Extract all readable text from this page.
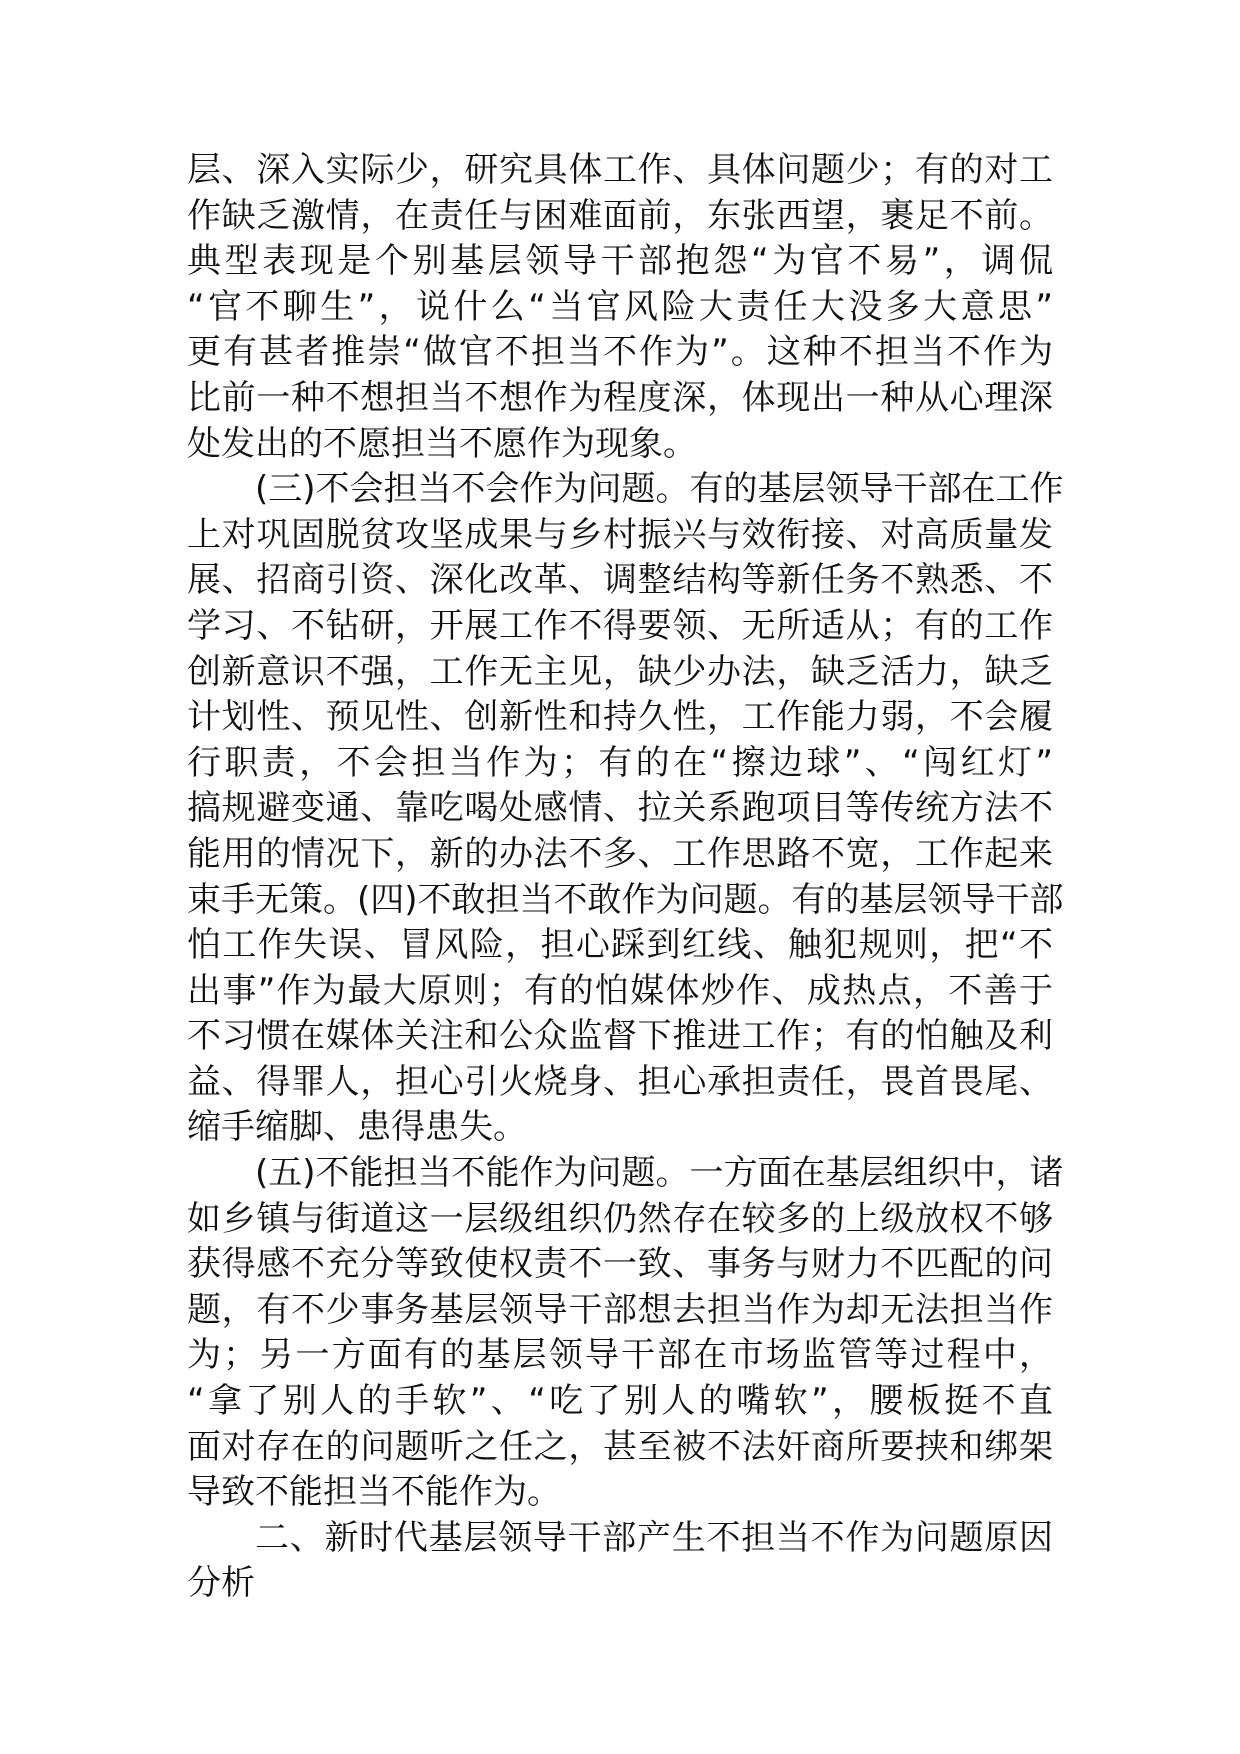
层、深入实际少，研究具体工作、具体问题少；有的对工
作缺乏激情，在责任与困难面前，东张西望，裹足不前。
典型表现是个别基层领导干部抱怨“为官不易”，调侃
“官不聊生”，说什么“当官风险大责任大没多大意思”
更有甚者推崇“做官不担当不作为”。这种不担当不作为
比前一种不想担当不想作为程度深，体现出一种从心理深
处发出的不愿担当不愿作为现象。
(三)不会担当不会作为问题。有的基层领导干部在工作
上对巩固脱贫攻坚成果与乡村振兴与效衔接、对高质量发
展、招商引资、深化改革、调整结构等新任务不熟悉、不
学习、不钻研，开展工作不得要领、无所适从；有的工作
创新意识不强，工作无主见，缺少办法，缺乏活力，缺乏
计划性、预见性、创新性和持久性，工作能力弱，不会履
行职责，不会担当作为；有的在“擦边球”、“闯红灯”
搞规避变通、靠吃喝处感情、拉关系跑项目等传统方法不
能用的情况下，新的办法不多、工作思路不宽，工作起来
束手无策。(四)不敢担当不敢作为问题。有的基层领导干部
怕工作失误、冒风险，担心踩到红线、触犯规则，把“不
出事”作为最大原则；有的怕媒体炒作、成热点，不善于
不习惯在媒体关注和公众监督下推进工作；有的怕触及利
益、得罪人，担心引火烧身、担心承担责任，畏首畏尾、
缩手缩脚、患得患失。
(五)不能担当不能作为问题。一方面在基层组织中，诸
如乡镇与街道这一层级组织仍然存在较多的上级放权不够
获得感不充分等致使权责不一致、事务与财力不匹配的问
题，有不少事务基层领导干部想去担当作为却无法担当作
为；另一方面有的基层领导干部在市场监管等过程中，
“拿了别人的手软”、“吃了别人的嘴软”，腰板挺不直
面对存在的问题听之任之，甚至被不法奸商所要挟和绑架
导致不能担当不能作为。
二、新时代基层领导干部产生不担当不作为问题原因
分析
